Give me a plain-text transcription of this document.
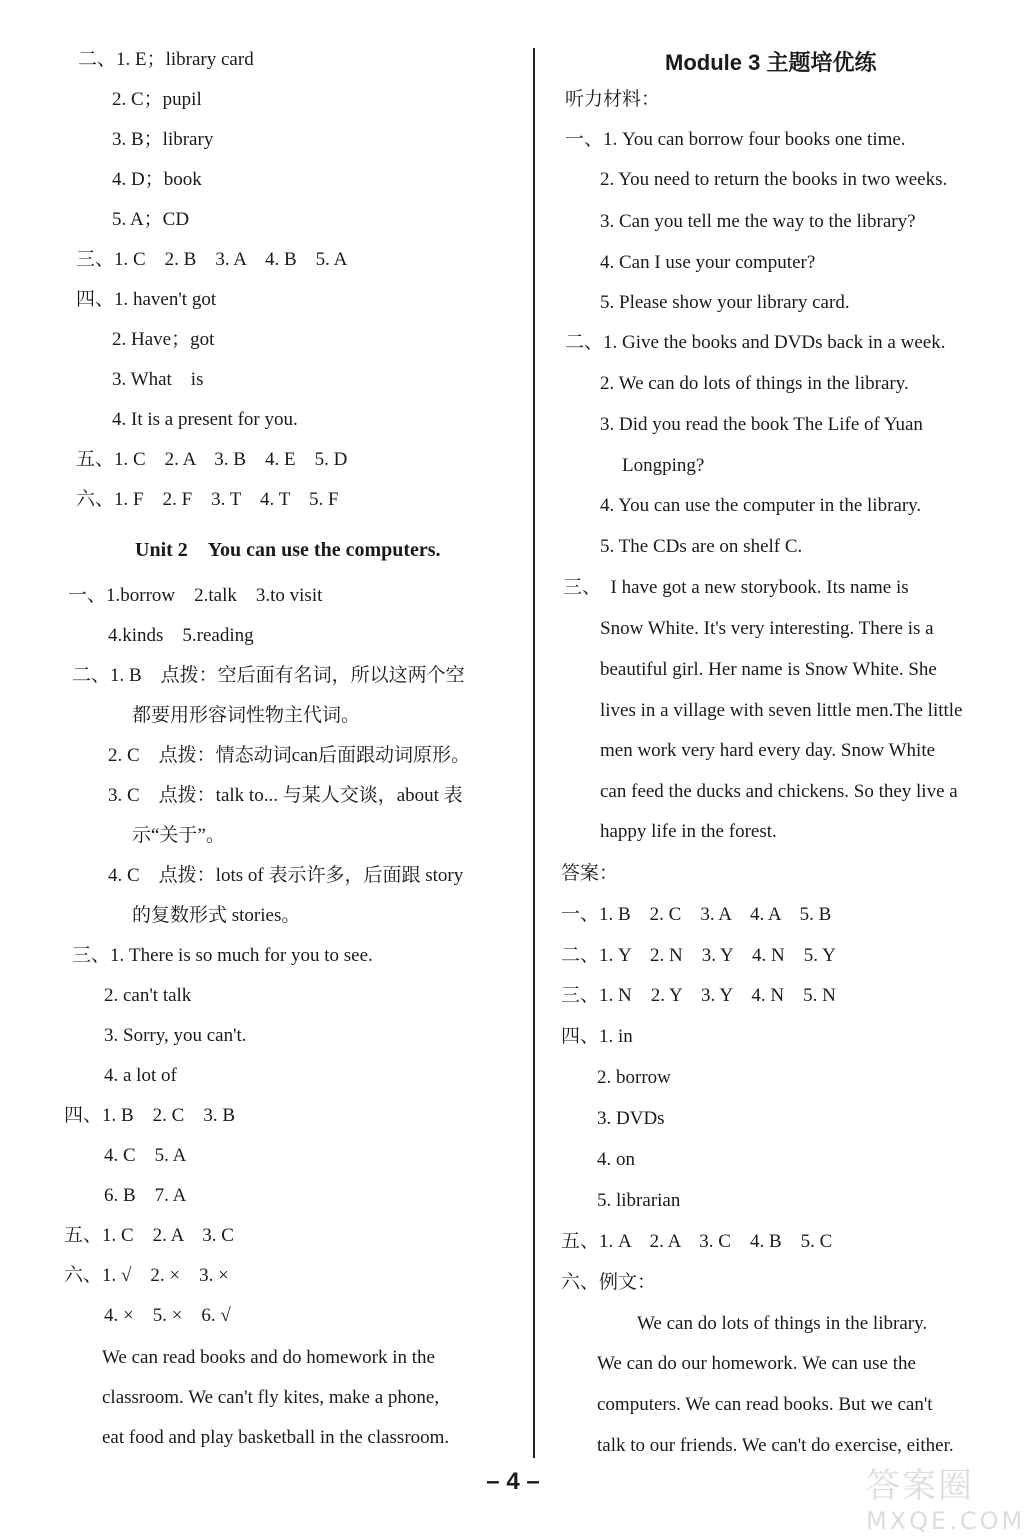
二、1. E；library card
2. C；pupil
3. B；library
4. D；book
5. A；CD
三、1. C　2. B　3. A　4. B　5. A
四、1. haven't got
2. Have；got
3. What　is
4. It is a present for you.
五、1. C　2. A　3. B　4. E　5. D
六、1. F　2. F　3. T　4. T　5. F
Unit 2　You can use the computers.
一、1.borrow　2.talk　3.to visit
4.kinds　5.reading
二、1. B　点拨：空后面有名词，所以这两个空
都要用形容词性物主代词。
2. C　点拨：情态动词can后面跟动词原形。
3. C　点拨：talk to... 与某人交谈，about 表
示“关于”。
4. C　点拨：lots of 表示许多，后面跟 story
的复数形式 stories。
三、1. There is so much for you to see.
2. can't talk
3. Sorry, you can't.
4. a lot of
四、1. B　2. C　3. B
4. C　5. A
6. B　7. A
五、1. C　2. A　3. C
六、1. √　2. ×　3. ×
4. ×　5. ×　6. √
We can read books and do homework in the
classroom. We can't fly kites, make a phone,
eat food and play basketball in the classroom.
Module 3 主题培优练
听力材料：
一、1. You can borrow four books one time.
2. You need to return the books in two weeks.
3. Can you tell me the way to the library?
4. Can I use your computer?
5. Please show your library card.
二、1. Give the books and DVDs back in a week.
2. We can do lots of things in the library.
3. Did you read the book The Life of Yuan
Longping?
4. You can use the computer in the library.
5. The CDs are on shelf C.
三、　I have got a new storybook. Its name is
Snow White. It's very interesting. There is a
beautiful girl. Her name is Snow White. She
lives in a village with seven little men.The little
men work very hard every day. Snow White
can feed the ducks and chickens. So they live a
happy life in the forest.
答案：
一、1. B　2. C　3. A　4. A　5. B
二、1. Y　2. N　3. Y　4. N　5. Y
三、1. N　2. Y　3. Y　4. N　5. N
四、1. in
2. borrow
3. DVDs
4. on
5. librarian
五、1. A　2. A　3. C　4. B　5. C
六、例文：
We can do lots of things in the library.
We can do our homework. We can use the
computers. We can read books. But we can't
talk to our friends. We can't do exercise, either.
– 4 –	答案圈
MXQE.COM
